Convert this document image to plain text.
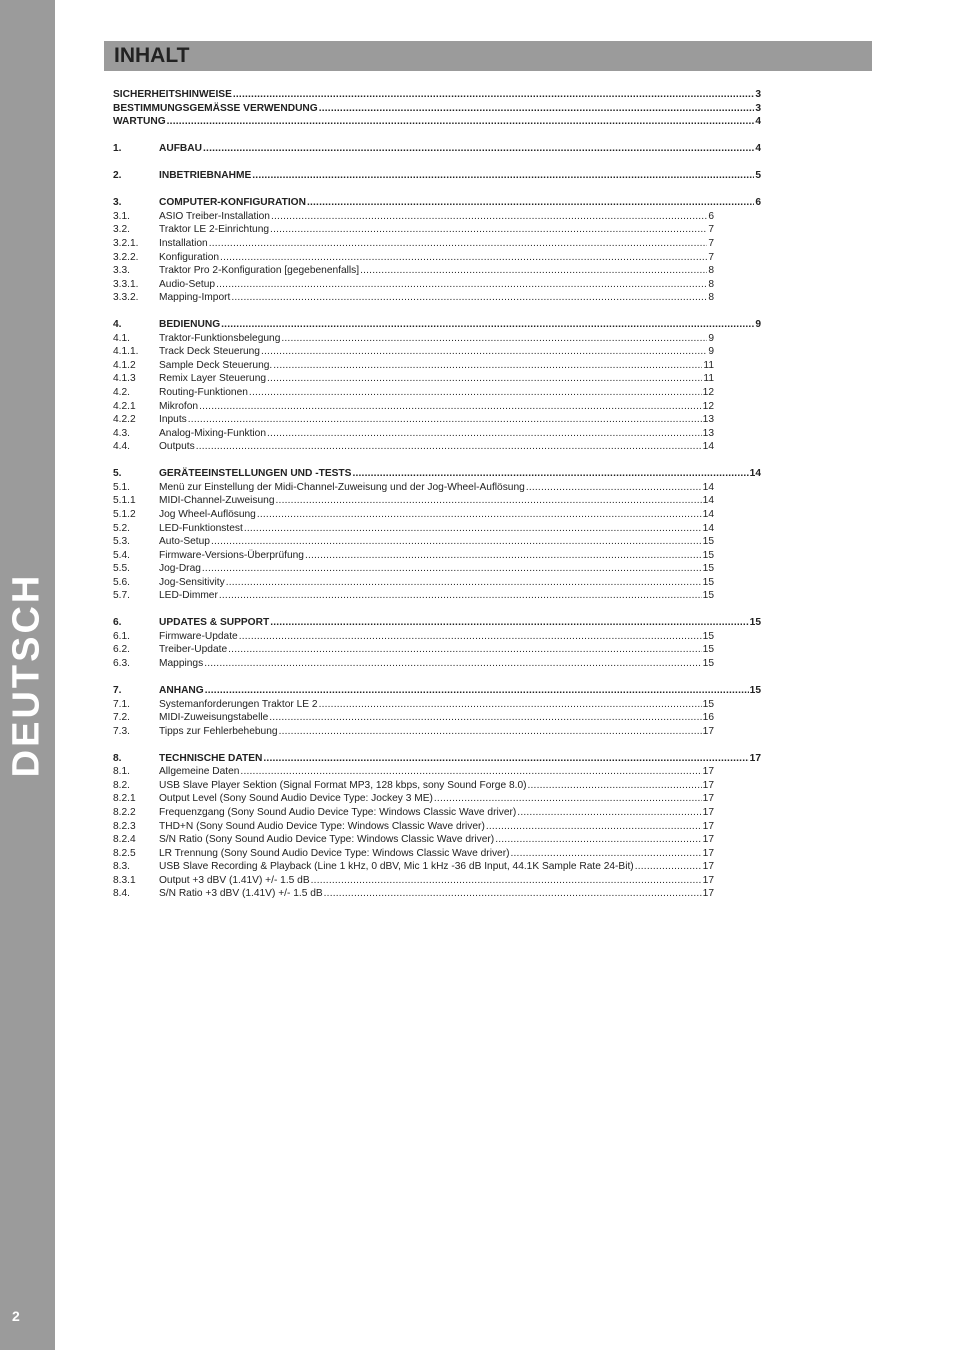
DEUTSCH
2
INHALT
SICHERHEITSHINWEISE .....	3
BESTIMMUNGSGEMÄSSE VERWENDUNG .....	3
WARTUNG .....	4
1.	AUFBAU .....	4
2.	INBETRIEBNAHME .....	5
3.	COMPUTER-KONFIGURATION .....	6
3.1.	ASIO Treiber-Installation .....	6
3.2.	Traktor LE 2-Einrichtung .....	7
3.2.1.	Installation .....	7
3.2.2.	Konfiguration .....	7
3.3.	Traktor Pro 2-Konfiguration [gegebenenfalls] .....	8
3.3.1.	Audio-Setup .....	8
3.3.2.	Mapping-Import .....	8
4.	BEDIENUNG .....	9
4.1.	Traktor-Funktionsbelegung .....	9
4.1.1.	Track Deck Steuerung .....	9
4.1.2	Sample Deck Steuerung. .....	11
4.1.3	Remix Layer Steuerung .....	11
4.2.	Routing-Funktionen .....	12
4.2.1	Mikrofon .....	12
4.2.2	Inputs .....	13
4.3.	Analog-Mixing-Funktion .....	13
4.4.	Outputs .....	14
5.	GERÄTEEINSTELLUNGEN UND -TESTS .....	14
5.1.	Menü zur Einstellung der Midi-Channel-Zuweisung und der Jog-Wheel-Auflösung .....	14
5.1.1	MIDI-Channel-Zuweisung .....	14
5.1.2	Jog Wheel-Auflösung .....	14
5.2.	LED-Funktionstest .....	14
5.3.	Auto-Setup .....	15
5.4.	Firmware-Versions-Überprüfung .....	15
5.5.	Jog-Drag .....	15
5.6.	Jog-Sensitivity .....	15
5.7.	LED-Dimmer .....	15
6.	UPDATES & SUPPORT .....	15
6.1.	Firmware-Update .....	15
6.2.	Treiber-Update .....	15
6.3.	Mappings .....	15
7.	ANHANG .....	15
7.1.	Systemanforderungen Traktor LE 2 .....	15
7.2.	MIDI-Zuweisungstabelle .....	16
7.3.	Tipps zur Fehlerbehebung .....	17
8.	TECHNISCHE DATEN .....	17
8.1.	Allgemeine Daten .....	17
8.2.	USB Slave Player Sektion (Signal Format MP3, 128 kbps, sony Sound Forge 8.0) .....	17
8.2.1	Output Level (Sony Sound Audio Device Type: Jockey 3 ME) .....	17
8.2.2	Frequenzgang (Sony Sound Audio Device Type: Windows Classic Wave driver) .....	17
8.2.3	THD+N (Sony Sound Audio Device Type: Windows Classic Wave driver) .....	17
8.2.4	S/N Ratio (Sony Sound Audio Device Type: Windows Classic Wave driver) .....	17
8.2.5	LR Trennung (Sony Sound Audio Device Type: Windows Classic Wave driver) .....	17
8.3.	USB Slave Recording & Playback (Line 1 kHz, 0 dBV, Mic 1 kHz -36 dB Input, 44.1K Sample Rate 24-Bit) .....	17
8.3.1	Output +3 dBV (1.41V) +/- 1.5 dB .....	17
8.4.	S/N Ratio +3 dBV (1.41V) +/- 1.5 dB .....	17
